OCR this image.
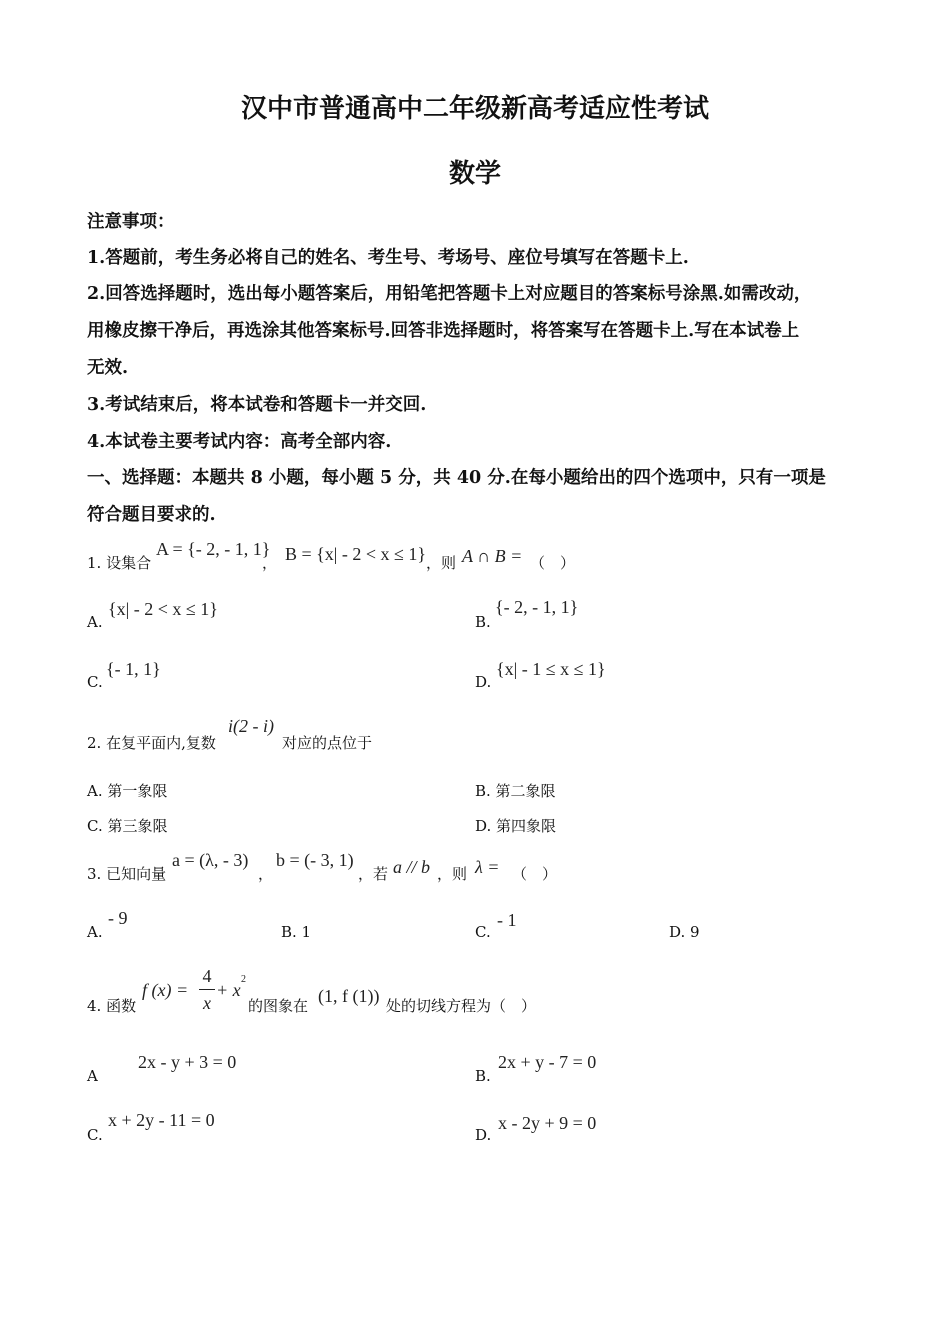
汉中市普通高中二年级新高考适应性考试
数学
注意事项：
1.答题前，考生务必将自己的姓名、考生号、考场号、座位号填写在答题卡上.
2.回答选择题时，选出每小题答案后，用铅笔把答题卡上对应题目的答案标号涂黑.如需改动，
用橡皮擦干净后，再选涂其他答案标号.回答非选择题时，将答案写在答题卡上.写在本试卷上
无效.
3.考试结束后，将本试卷和答题卡一并交回.
4.本试卷主要考试内容：高考全部内容.
一、选择题：本题共 8 小题，每小题 5 分，共 40 分.在每小题给出的四个选项中，只有一项是
符合题目要求的.
1. 设集合
A = {- 2, - 1, 1}
， B = {x| - 2 < x ≤ 1} ，则 A ∩ B = （　）
A.
{x| - 2 < x ≤ 1}
B.
{- 2, - 1, 1}
C.
{- 1, 1}
D.
{x| - 1 ≤ x ≤ 1}
2. 在复平面内,复数
i(2 - i)
对应的点位于
A. 第一象限	B. 第二象限
C. 第三象限	D. 第四象限
3. 已知向量
a = (λ, - 3)
，
b = (- 3, 1)
，若 a // b ，则 λ = （　）
A.
- 9
B. 1	C.
- 1
D. 9
4. 函数
f (x) =
4
x
+ x
2
的图象在 (1, f (1)) 处的切线方程为（　）
A
2x - y + 3 = 0
B.
2x + y - 7 = 0
C.
x + 2y - 11 = 0
D.
x - 2y + 9 = 0
